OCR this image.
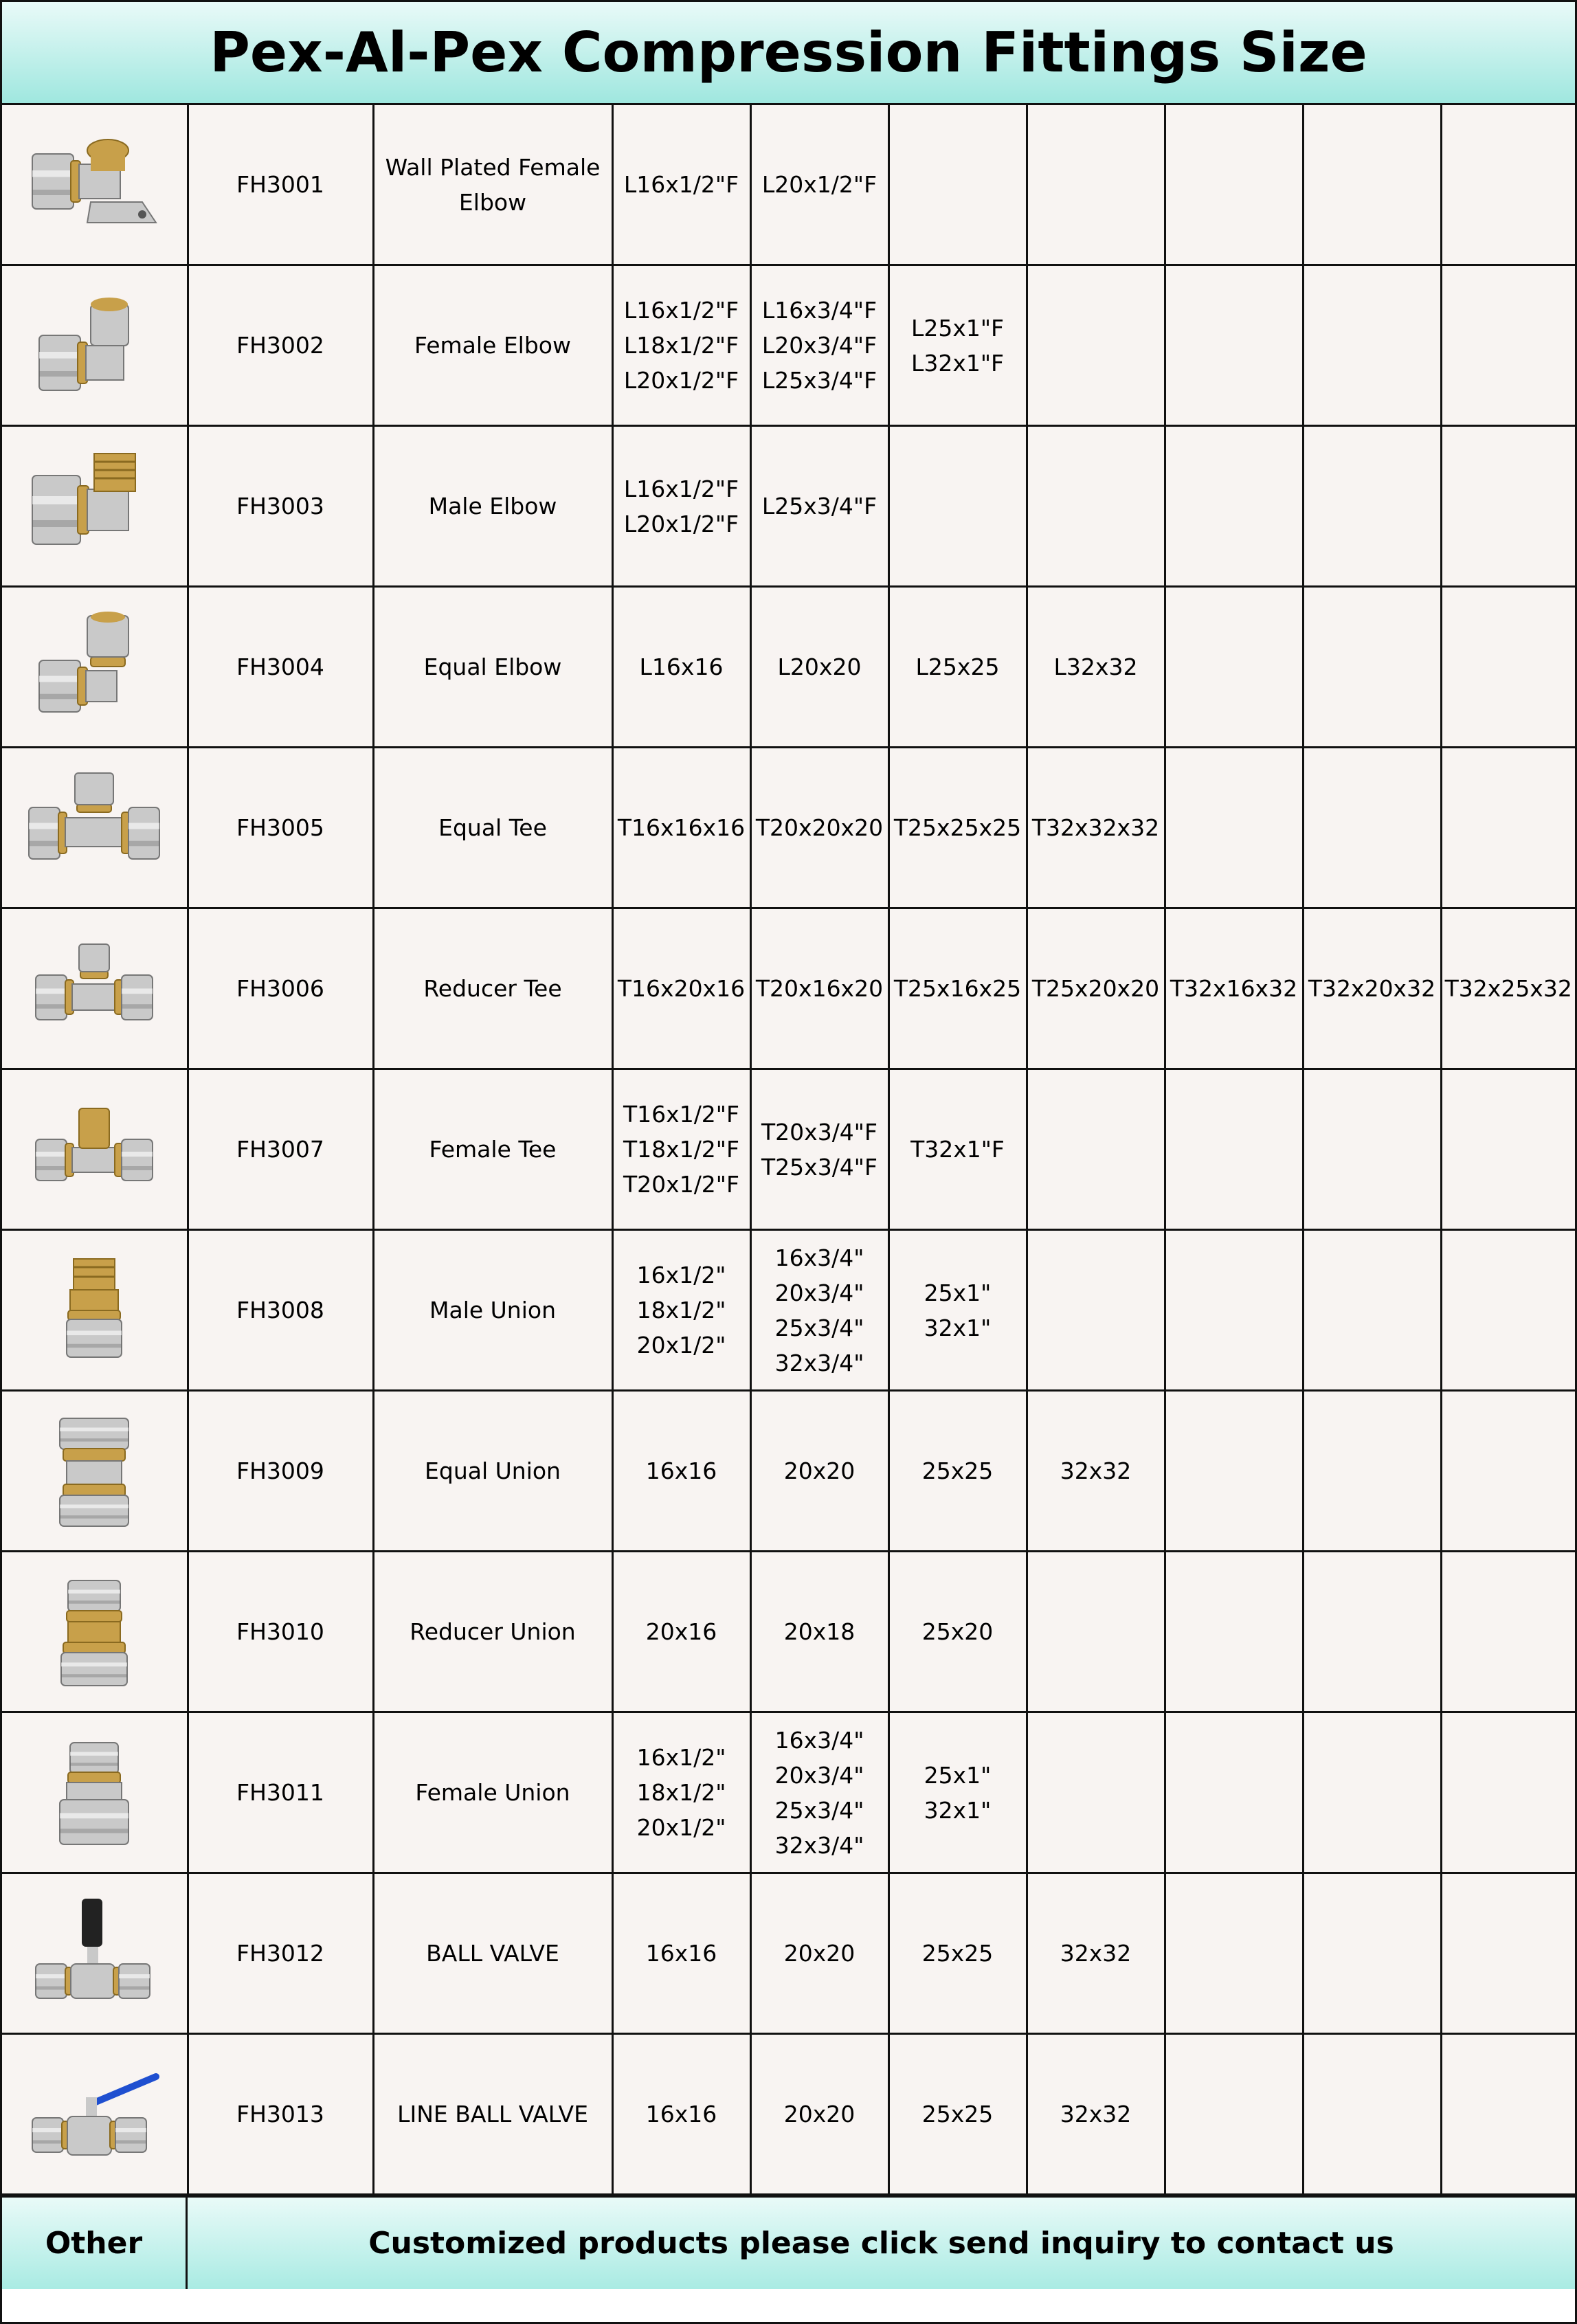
Pex-Al-Pex Compression Fittings Size
	FH3001	Wall Plated Female Elbow	L16x1/2"F	L20x1/2"F					

	FH3002	Female Elbow	L16x1/2"F
L18x1/2"F
L20x1/2"F	L16x3/4"F
L20x3/4"F
L25x3/4"F	L25x1"F
L32x1"F				

	FH3003	Male Elbow	L16x1/2"F
L20x1/2"F	L25x3/4"F					

	FH3004	Equal Elbow	L16x16	L20x20	L25x25	L32x32			

	FH3005	Equal Tee	T16x16x16	T20x20x20	T25x25x25	T32x32x32			

	FH3006	Reducer Tee	T16x20x16	T20x16x20	T25x16x25	T25x20x20	T32x16x32	T32x20x32	T32x25x32

	FH3007	Female Tee	T16x1/2"F
T18x1/2"F
T20x1/2"F	T20x3/4"F
T25x3/4"F	T32x1"F				

	FH3008	Male Union	16x1/2"
18x1/2"
20x1/2"	16x3/4"
20x3/4"
25x3/4"
32x3/4"	25x1"
32x1"				

	FH3009	Equal Union	16x16	20x20	25x25	32x32			

	FH3010	Reducer Union	20x16	20x18	25x20				

	FH3011	Female Union	16x1/2"
18x1/2"
20x1/2"	16x3/4"
20x3/4"
25x3/4"
32x3/4"	25x1"
32x1"				

	FH3012	BALL VALVE	16x16	20x20	25x25	32x32			

	FH3013	LINE BALL VALVE	16x16	20x20	25x25	32x32			

Other	Customized products please click send inquiry to contact us
